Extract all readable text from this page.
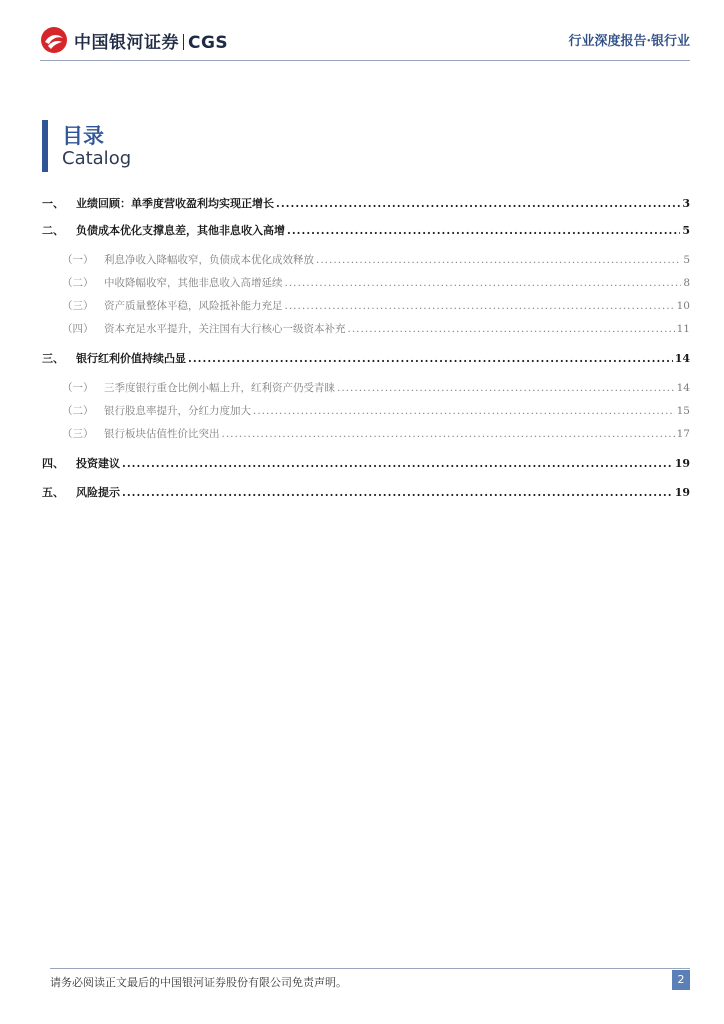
中国银河证券 CGS	行业深度报告·银行业
目录
Catalog
一、	业绩回顾：单季度营收盈利均实现正增长 .....	3
二、	负债成本优化支撑息差，其他非息收入高增 .....	5
（一）	利息净收入降幅收窄，负债成本优化成效释放 .....	5
（二）	中收降幅收窄，其他非息收入高增延续 .....	8
（三）	资产质量整体平稳，风险抵补能力充足 .....	10
（四）	资本充足水平提升，关注国有大行核心一级资本补充 .....	11
三、	银行红利价值持续凸显 .....	14
（一）	三季度银行重仓比例小幅上升，红利资产仍受青睐 .....	14
（二）	银行股息率提升，分红力度加大 .....	15
（三）	银行板块估值性价比突出 .....	17
四、	投资建议 .....	19
五、	风险提示 .....	19
请务必阅读正文最后的中国银河证券股份有限公司免责声明。	2
